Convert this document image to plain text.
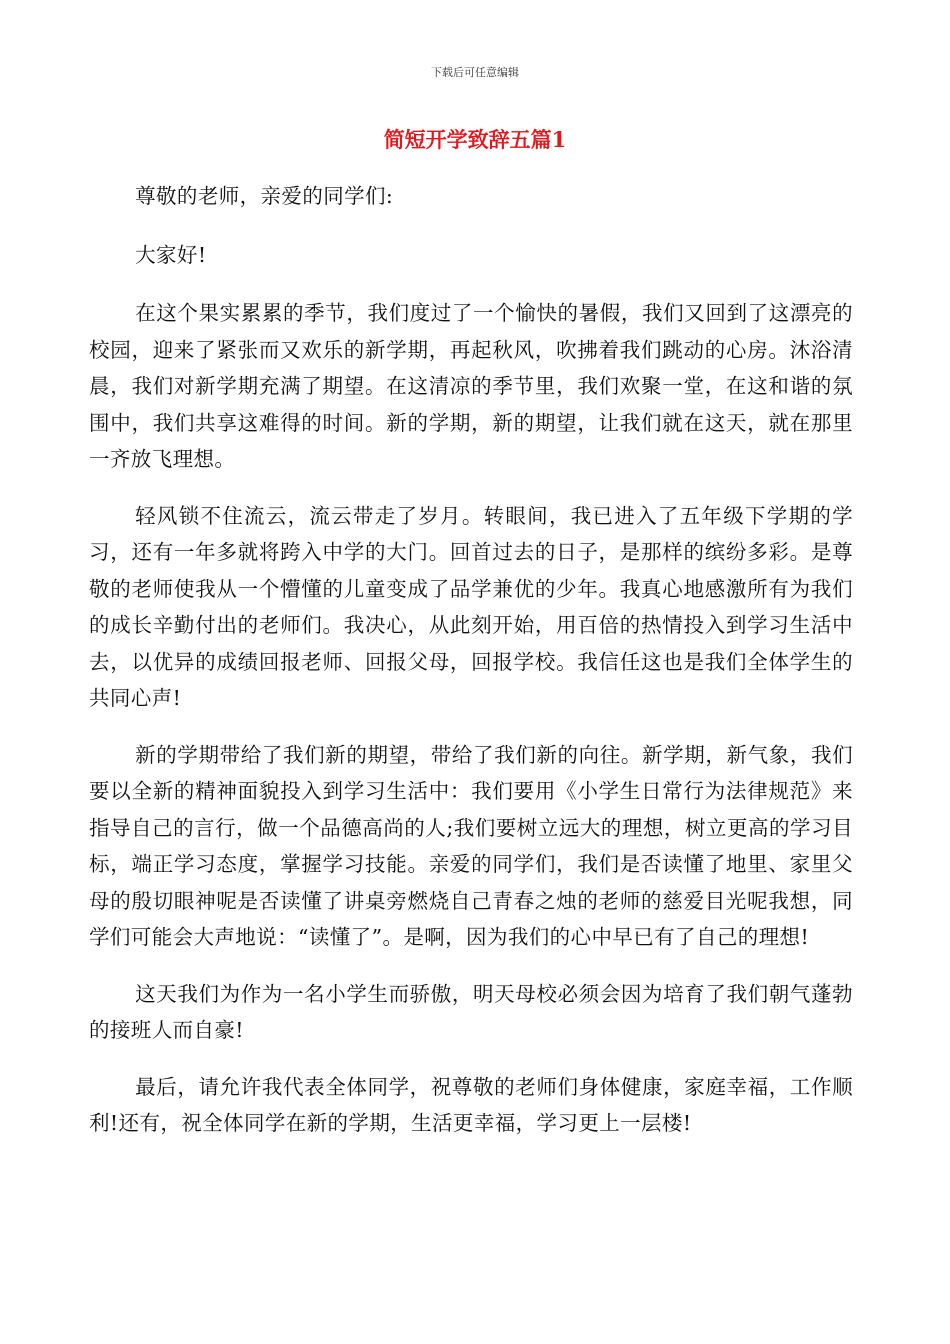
下载后可任意编辑
简短开学致辞五篇1

尊敬的老师，亲爱的同学们:

大家好!

在这个果实累累的季节，我们度过了一个愉快的暑假，我们又回到了这漂亮的校园，迎来了紧张而又欢乐的新学期，再起秋风，吹拂着我们跳动的心房。沐浴清晨，我们对新学期充满了期望。在这清凉的季节里，我们欢聚一堂，在这和谐的氛围中，我们共享这难得的时间。新的学期，新的期望，让我们就在这天，就在那里一齐放飞理想。

轻风锁不住流云，流云带走了岁月。转眼间，我已进入了五年级下学期的学习，还有一年多就将跨入中学的大门。回首过去的日子，是那样的缤纷多彩。是尊敬的老师使我从一个懵懂的儿童变成了品学兼优的少年。我真心地感激所有为我们的成长辛勤付出的老师们。我决心，从此刻开始，用百倍的热情投入到学习生活中去，以优异的成绩回报老师、回报父母，回报学校。我信任这也是我们全体学生的共同心声!

新的学期带给了我们新的期望，带给了我们新的向往。新学期，新气象，我们要以全新的精神面貌投入到学习生活中：我们要用《小学生日常行为法律规范》来指导自己的言行，做一个品德高尚的人;我们要树立远大的理想，树立更高的学习目标，端正学习态度，掌握学习技能。亲爱的同学们，我们是否读懂了地里、家里父母的殷切眼神呢是否读懂了讲桌旁燃烧自己青春之烛的老师的慈爱目光呢我想，同学们可能会大声地说：“读懂了”。是啊，因为我们的心中早已有了自己的理想!

这天我们为作为一名小学生而骄傲，明天母校必须会因为培育了我们朝气蓬勃的接班人而自豪!

最后，请允许我代表全体同学，祝尊敬的老师们身体健康，家庭幸福，工作顺利!还有，祝全体同学在新的学期，生活更幸福，学习更上一层楼!
